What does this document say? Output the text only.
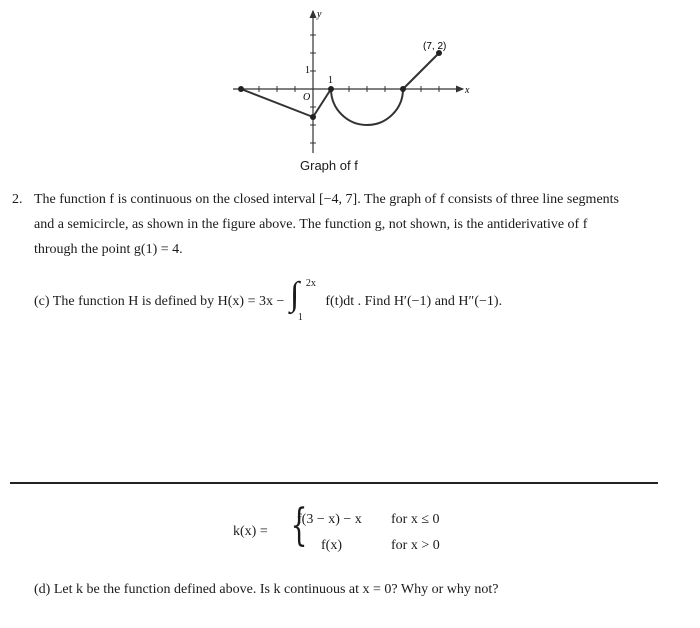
y
x
O
1
1
(7, 2)
Graph of f
2. The function f is continuous on the closed interval [−4, 7]. The graph of f consists of three line segments
and a semicircle, as shown in the figure above. The function g, not shown, is the antiderivative of f
through the point g(1) = 4.
(c) The function H is defined by H(x) = 3x − ∫ 2x
1
f(t)dt . Find H′(−1) and H″(−1).
k(x) = {
f(3 − x) − x for x ≤ 0
f(x)	for x > 0
(d) Let k be the function defined above. Is k continuous at x = 0? Why or why not?
